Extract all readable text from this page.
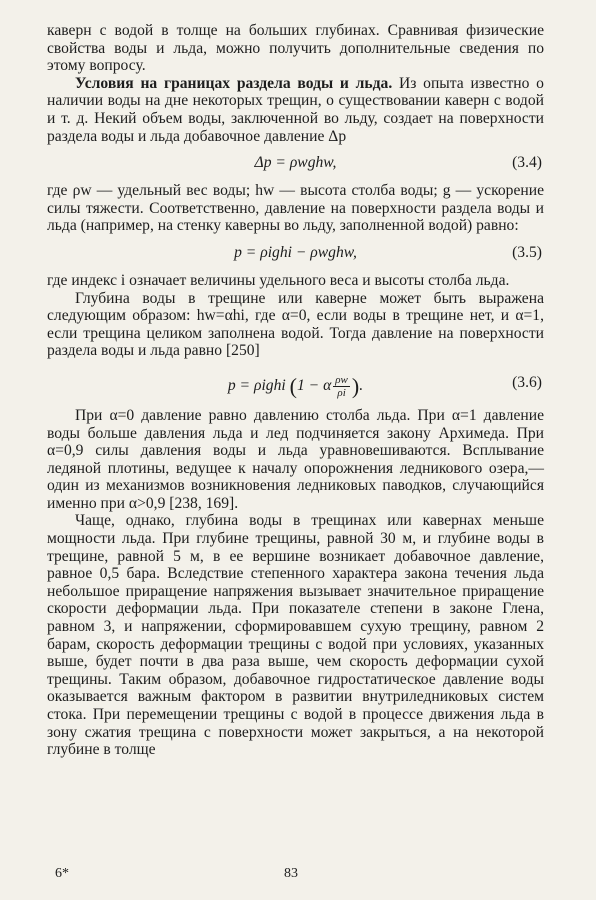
каверн с водой в толще на больших глубинах. Сравнивая физические свойства воды и льда, можно получить дополнительные сведения по этому вопросу.

Условия на границах раздела воды и льда. Из опыта известно о наличии воды на дне некоторых трещин, о существовании каверн с водой и т. д. Некий объем воды, заключенной во льду, создает на поверхности раздела воды и льда добавочное давление Δp

Δp = ρwghw,	(3.4)

где ρw — удельный вес воды; hw — высота столба воды; g — ускорение силы тяжести. Соответственно, давление на поверхности раздела воды и льда (например, на стенку каверны во льду, заполненной водой) равно:

p = ρighi − ρwghw,	(3.5)

где индекс i означает величины удельного веса и высоты столба льда.

Глубина воды в трещине или каверне может быть выражена следующим образом: hw=αhi, где α=0, если воды в трещине нет, и α=1, если трещина целиком заполнена водой. Тогда давление на поверхности раздела воды и льда равно [250]

p = ρighi (1 − α $\frac{\rho w}{\rho i}$ ).	(3.6)

При α=0 давление равно давлению столба льда. При α=1 давление воды больше давления льда и лед подчиняется закону Архимеда. При α=0,9 силы давления воды и льда уравновешиваются. Всплывание ледяной плотины, ведущее к началу опорожнения ледникового озера,— один из механизмов возникновения ледниковых паводков, случающийся именно при α>0,9 [238, 169].

Чаще, однако, глубина воды в трещинах или кавернах меньше мощности льда. При глубине трещины, равной 30 м, и глубине воды в трещине, равной 5 м, в ее вершине возникает добавочное давление, равное 0,5 бара. Вследствие степенного характера закона течения льда небольшое приращение напряжения вызывает значительное приращение скорости деформации льда. При показателе степени в законе Глена, равном 3, и напряжении, сформировавшем сухую трещину, равном 2 барам, скорость деформации трещины с водой при условиях, указанных выше, будет почти в два раза выше, чем скорость деформации сухой трещины. Таким образом, добавочное гидростатическое давление воды оказывается важным фактором в развитии внутриледниковых систем стока. При перемещении трещины с водой в процессе движения льда в зону сжатия трещина с поверхности может закрыться, а на некоторой глубине в толще

6*	83
